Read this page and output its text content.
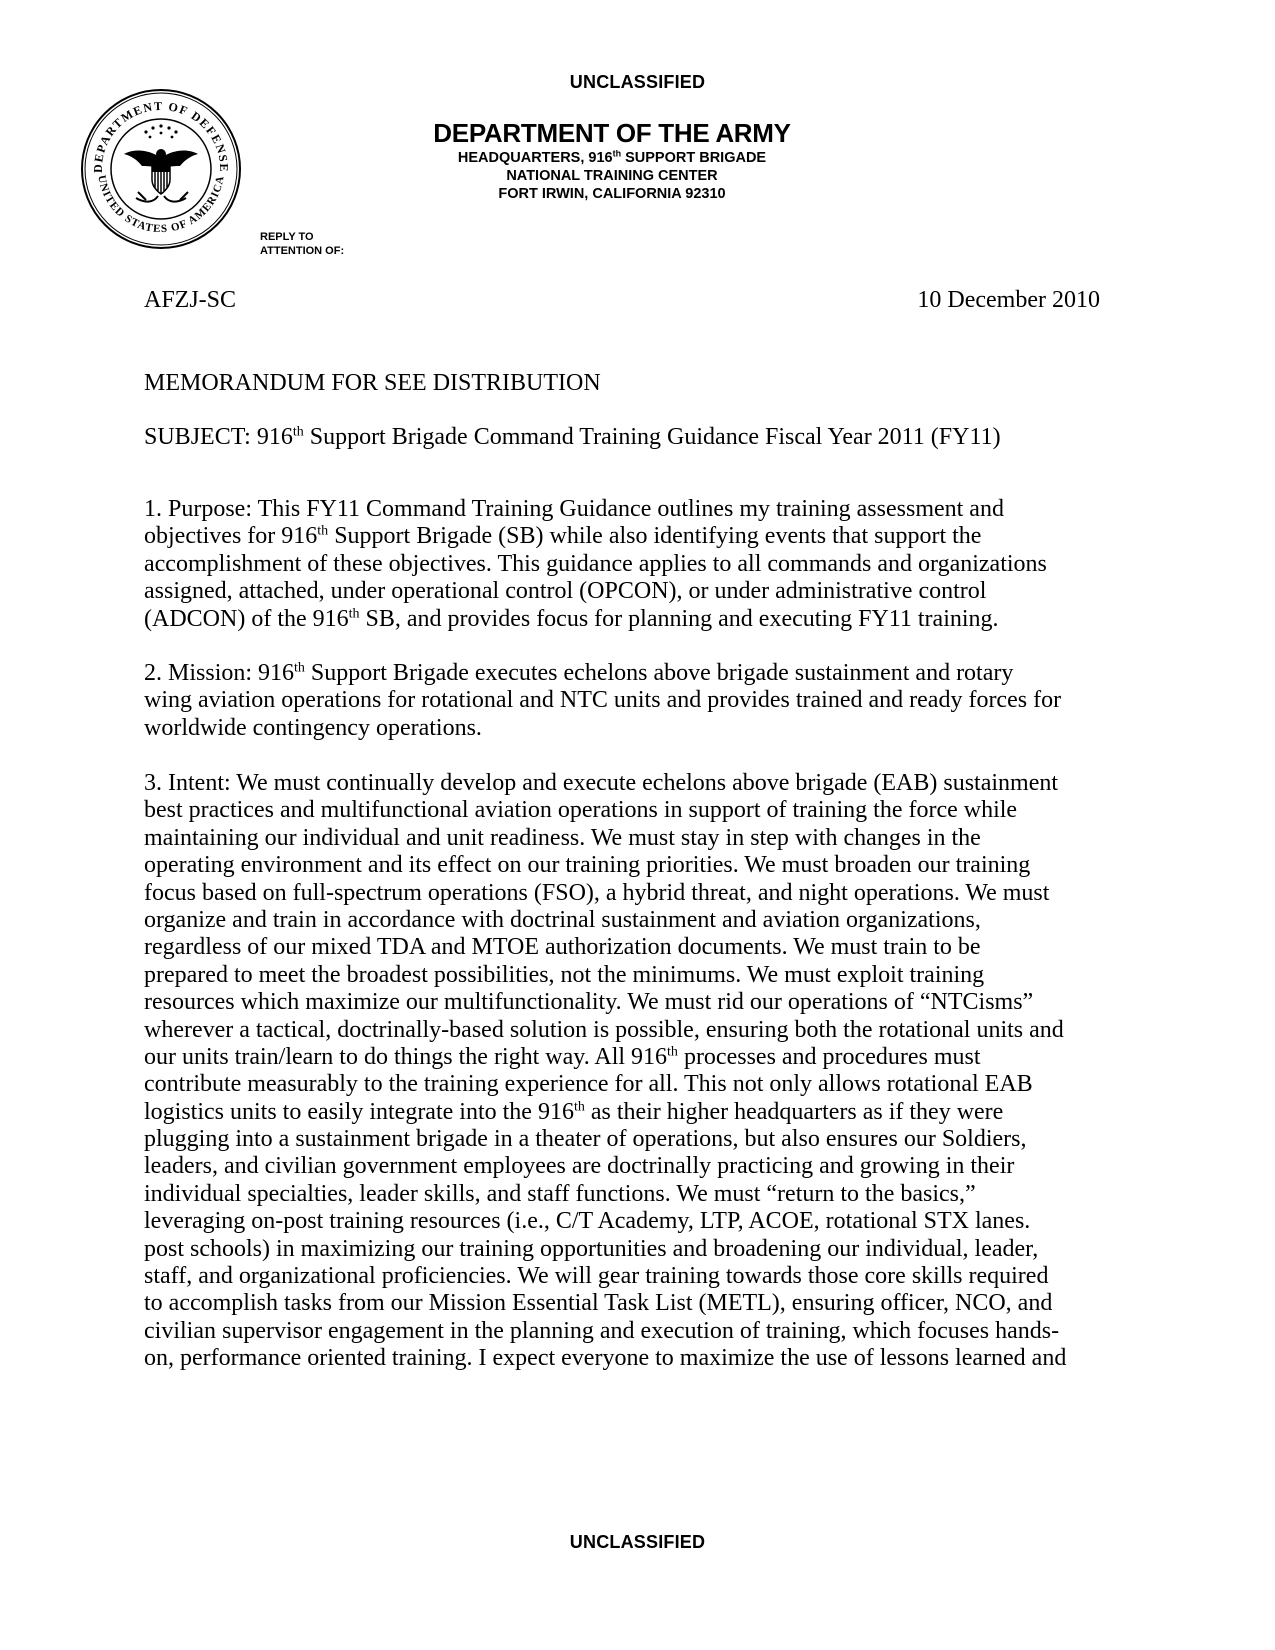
UNCLASSIFIED
DEPARTMENT OF DEFENSE
UNITED STATES OF AMERICA
DEPARTMENT OF THE ARMY
HEADQUARTERS, 916th SUPPORT BRIGADE
NATIONAL TRAINING CENTER
FORT IRWIN, CALIFORNIA 92310
REPLY TO
ATTENTION OF:
AFZJ-SC	10 December 2010
MEMORANDUM FOR SEE DISTRIBUTION
SUBJECT: 916th Support Brigade Command Training Guidance Fiscal Year 2011 (FY11)
1. Purpose: This FY11 Command Training Guidance outlines my training assessment and
objectives for 916th Support Brigade (SB) while also identifying events that support the
accomplishment of these objectives. This guidance applies to all commands and organizations
assigned, attached, under operational control (OPCON), or under administrative control
(ADCON) of the 916th SB, and provides focus for planning and executing FY11 training.
2. Mission: 916th Support Brigade executes echelons above brigade sustainment and rotary
wing aviation operations for rotational and NTC units and provides trained and ready forces for
worldwide contingency operations.
3. Intent: We must continually develop and execute echelons above brigade (EAB) sustainment
best practices and multifunctional aviation operations in support of training the force while
maintaining our individual and unit readiness. We must stay in step with changes in the
operating environment and its effect on our training priorities. We must broaden our training
focus based on full-spectrum operations (FSO), a hybrid threat, and night operations. We must
organize and train in accordance with doctrinal sustainment and aviation organizations,
regardless of our mixed TDA and MTOE authorization documents. We must train to be
prepared to meet the broadest possibilities, not the minimums. We must exploit training
resources which maximize our multifunctionality. We must rid our operations of “NTCisms”
wherever a tactical, doctrinally-based solution is possible, ensuring both the rotational units and
our units train/learn to do things the right way. All 916th processes and procedures must
contribute measurably to the training experience for all. This not only allows rotational EAB
logistics units to easily integrate into the 916th as their higher headquarters as if they were
plugging into a sustainment brigade in a theater of operations, but also ensures our Soldiers,
leaders, and civilian government employees are doctrinally practicing and growing in their
individual specialties, leader skills, and staff functions. We must “return to the basics,”
leveraging on-post training resources (i.e., C/T Academy, LTP, ACOE, rotational STX lanes.
post schools) in maximizing our training opportunities and broadening our individual, leader,
staff, and organizational proficiencies. We will gear training towards those core skills required
to accomplish tasks from our Mission Essential Task List (METL), ensuring officer, NCO, and
civilian supervisor engagement in the planning and execution of training, which focuses hands-
on, performance oriented training. I expect everyone to maximize the use of lessons learned and
UNCLASSIFIED
